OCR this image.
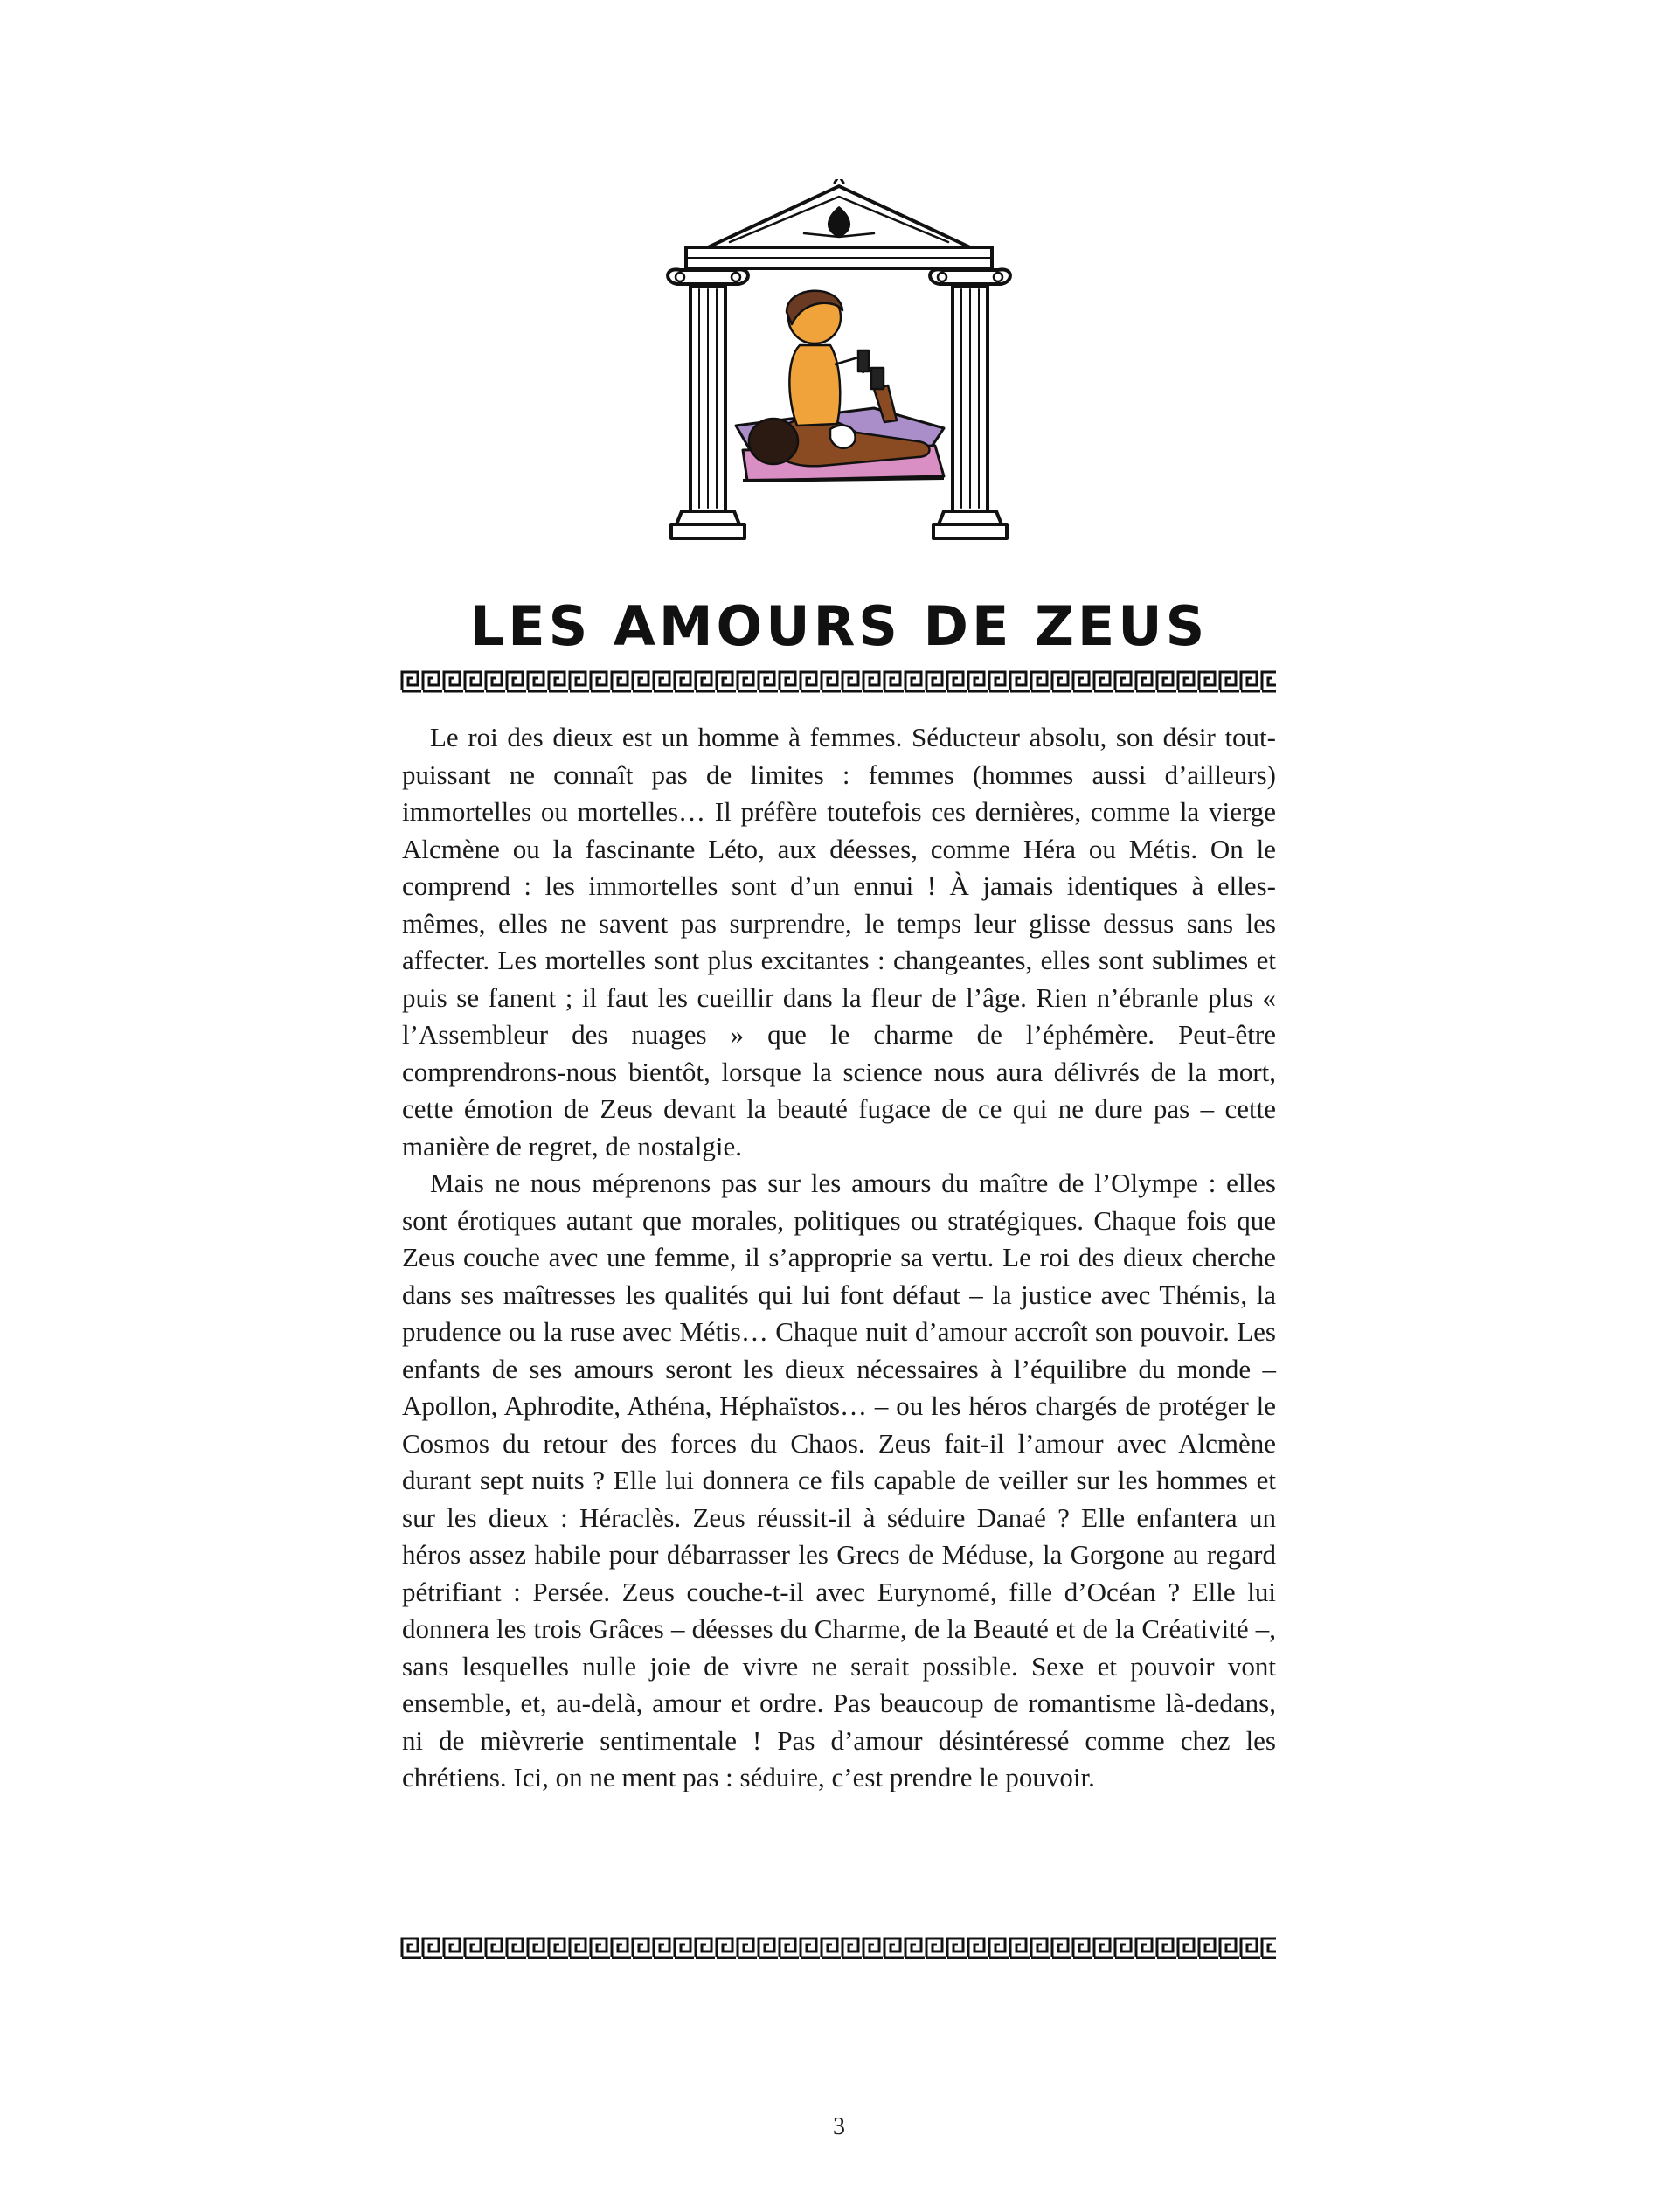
LES AMOURS DE ZEUS

Le roi des dieux est un homme à femmes. Séducteur absolu, son désir tout-puissant ne connaît pas de limites : femmes (hommes aussi d’ailleurs) immortelles ou mortelles… Il préfère toutefois ces dernières, comme la vierge Alcmène ou la fascinante Léto, aux déesses, comme Héra ou Métis. On le comprend : les immortelles sont d’un ennui ! À jamais identiques à elles-mêmes, elles ne savent pas surprendre, le temps leur glisse dessus sans les affecter. Les mortelles sont plus excitantes : changeantes, elles sont sublimes et puis se fanent ; il faut les cueillir dans la fleur de l’âge. Rien n’ébranle plus « l’Assembleur des nuages » que le charme de l’éphémère. Peut-être comprendrons-nous bientôt, lorsque la science nous aura délivrés de la mort, cette émotion de Zeus devant la beauté fugace de ce qui ne dure pas – cette manière de regret, de nostalgie.

Mais ne nous méprenons pas sur les amours du maître de l’Olympe : elles sont érotiques autant que morales, politiques ou stratégiques. Chaque fois que Zeus couche avec une femme, il s’approprie sa vertu. Le roi des dieux cherche dans ses maîtresses les qualités qui lui font défaut – la justice avec Thémis, la prudence ou la ruse avec Métis… Chaque nuit d’amour accroît son pouvoir. Les enfants de ses amours seront les dieux nécessaires à l’équilibre du monde – Apollon, Aphrodite, Athéna, Héphaïstos… – ou les héros chargés de protéger le Cosmos du retour des forces du Chaos. Zeus fait-il l’amour avec Alcmène durant sept nuits ? Elle lui donnera ce fils capable de veiller sur les hommes et sur les dieux : Héraclès. Zeus réussit-il à séduire Danaé ? Elle enfantera un héros assez habile pour débarrasser les Grecs de Méduse, la Gorgone au regard pétrifiant : Persée. Zeus couche-t-il avec Eurynomé, fille d’Océan ? Elle lui donnera les trois Grâces – déesses du Charme, de la Beauté et de la Créativité –, sans lesquelles nulle joie de vivre ne serait possible. Sexe et pouvoir vont ensemble, et, au-delà, amour et ordre. Pas beaucoup de romantisme là-dedans, ni de mièvrerie sentimentale ! Pas d’amour désintéressé comme chez les chrétiens. Ici, on ne ment pas : séduire, c’est prendre le pouvoir.

3
